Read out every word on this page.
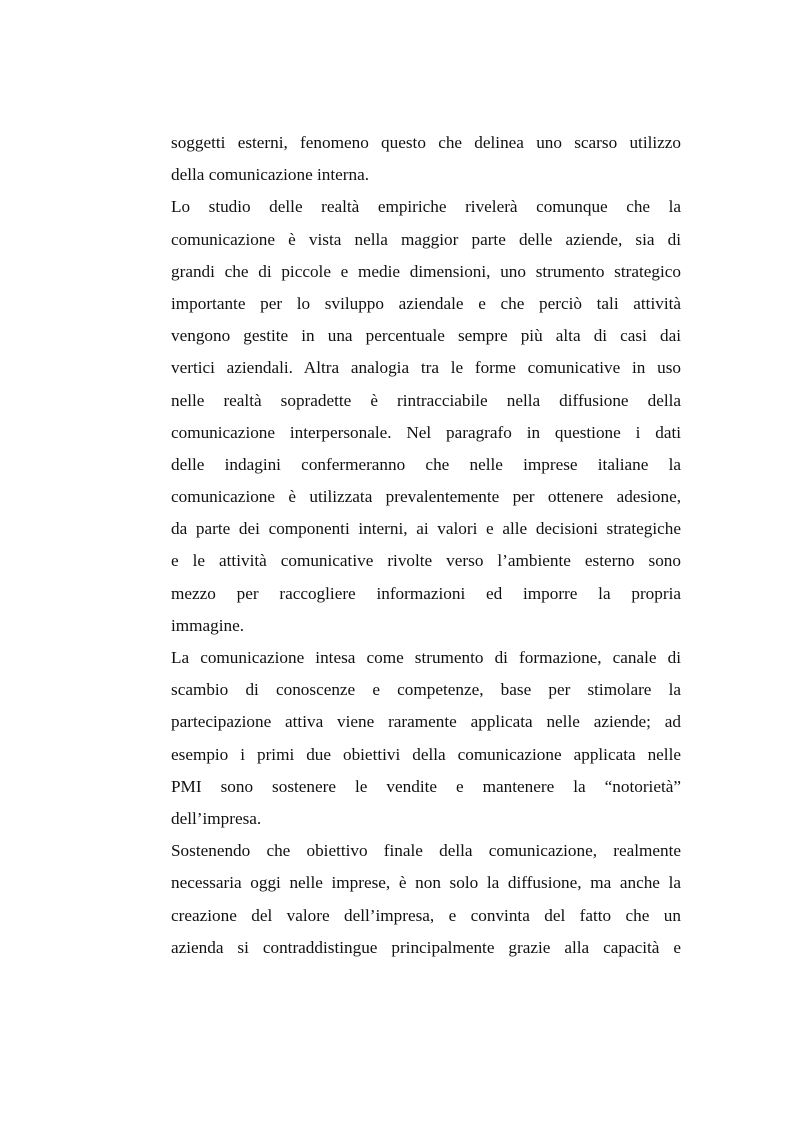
soggetti esterni, fenomeno questo che delinea uno scarso utilizzo
della comunicazione interna.
Lo studio delle realtà empiriche rivelerà comunque che la
comunicazione è vista nella maggior parte delle aziende, sia di
grandi che di piccole e medie dimensioni, uno strumento strategico
importante per lo sviluppo aziendale e che perciò tali attività
vengono gestite in una percentuale sempre più alta di casi dai
vertici aziendali. Altra analogia tra le forme comunicative in uso
nelle realtà sopradette è rintracciabile nella diffusione della
comunicazione interpersonale. Nel paragrafo in questione i dati
delle indagini confermeranno che nelle imprese italiane la
comunicazione è utilizzata prevalentemente per ottenere adesione,
da parte dei componenti interni, ai valori e alle decisioni strategiche
e le attività comunicative rivolte verso l’ambiente esterno sono
mezzo per raccogliere informazioni ed imporre la propria
immagine.
La comunicazione intesa come strumento di formazione, canale di
scambio di conoscenze e competenze, base per stimolare la
partecipazione attiva viene raramente applicata nelle aziende; ad
esempio i primi due obiettivi della comunicazione applicata nelle
PMI sono sostenere le vendite e mantenere la “notorietà”
dell’impresa.
Sostenendo che obiettivo finale della comunicazione, realmente
necessaria oggi nelle imprese, è non solo la diffusione, ma anche la
creazione del valore dell’impresa, e convinta del fatto che un
azienda si contraddistingue principalmente grazie alla capacità e
